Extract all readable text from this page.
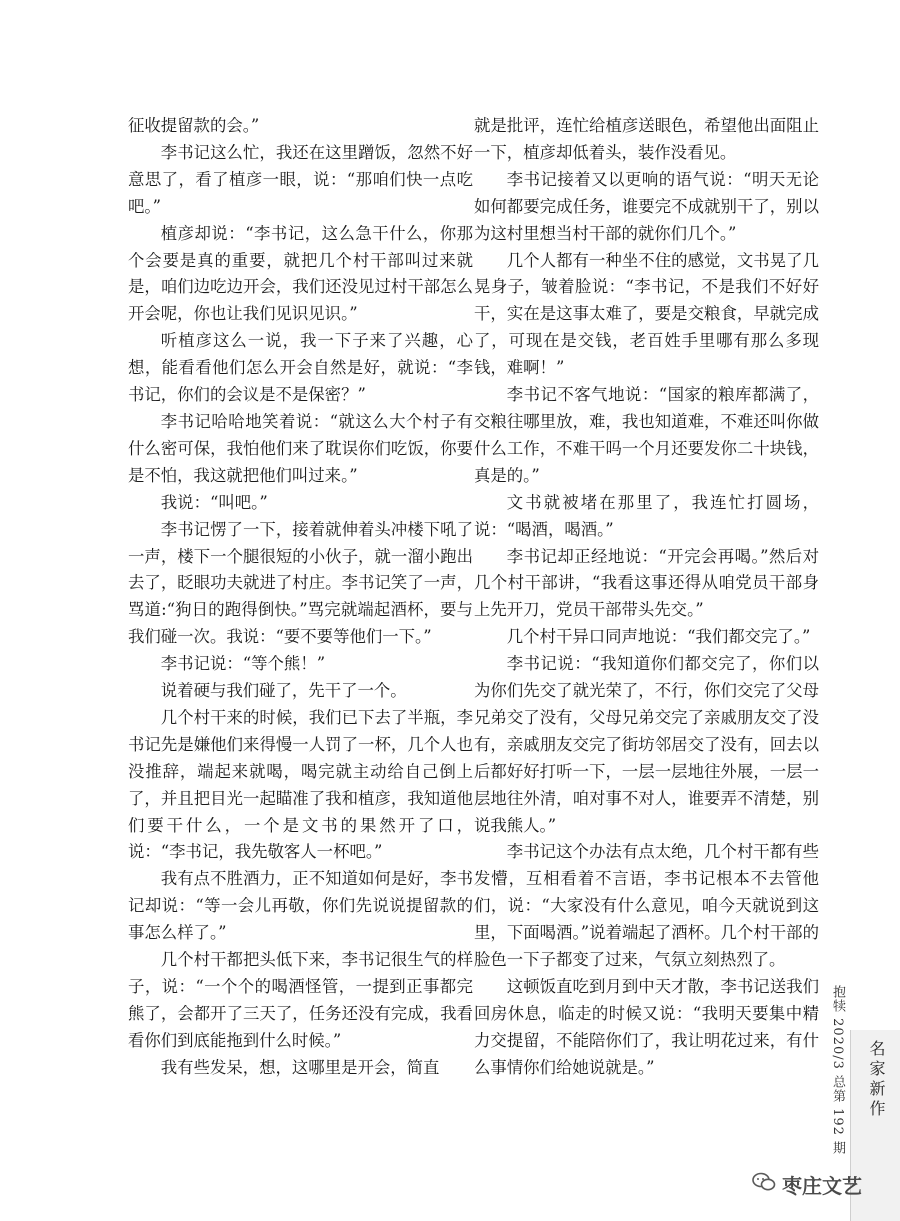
征收提留款的会。”

李书记这么忙，我还在这里蹭饭，忽然不好意思了，看了植彦一眼，说：“那咱们快一点吃吧。”

植彦却说：“李书记，这么急干什么，你那个会要是真的重要，就把几个村干部叫过来就是，咱们边吃边开会，我们还没见过村干部怎么开会呢，你也让我们见识见识。”

听植彦这么一说，我一下子来了兴趣，心想，能看看他们怎么开会自然是好，就说：“李书记，你们的会议是不是保密？”

李书记哈哈地笑着说：“就这么大个村子有什么密可保，我怕他们来了耽误你们吃饭，你要是不怕，我这就把他们叫过来。”

我说：“叫吧。”

李书记愣了一下，接着就伸着头冲楼下吼了一声，楼下一个腿很短的小伙子，就一溜小跑出去了，眨眼功夫就进了村庄。李书记笑了一声，骂道:“狗日的跑得倒快。”骂完就端起酒杯，要与我们碰一次。我说：“要不要等他们一下。”

李书记说：“等个熊！”

说着硬与我们碰了，先干了一个。

几个村干来的时候，我们已下去了半瓶，李书记先是嫌他们来得慢一人罚了一杯，几个人也没推辞，端起来就喝，喝完就主动给自己倒上了，并且把目光一起瞄准了我和植彦，我知道他们要干什么，一个是文书的果然开了口，说：“李书记，我先敬客人一杯吧。”

我有点不胜酒力，正不知道如何是好，李书记却说：“等一会儿再敬，你们先说说提留款的事怎么样了。”

几个村干都把头低下来，李书记很生气的样子，说：“一个个的喝酒怪管，一提到正事都完熊了，会都开了三天了，任务还没有完成，我看看你们到底能拖到什么时候。”

我有些发呆，想，这哪里是开会，简直

就是批评，连忙给植彦送眼色，希望他出面阻止一下，植彦却低着头，装作没看见。

李书记接着又以更响的语气说：“明天无论如何都要完成任务，谁要完不成就别干了，别以为这村里想当村干部的就你们几个。”

几个人都有一种坐不住的感觉，文书晃了几晃身子，皱着脸说：“李书记，不是我们不好好干，实在是这事太难了，要是交粮食，早就完成了，可现在是交钱，老百姓手里哪有那么多现钱，难啊！”

李书记不客气地说：“国家的粮库都满了，交粮往哪里放，难，我也知道难，不难还叫你做什么工作，不难干吗一个月还要发你二十块钱，真是的。”

文书就被堵在那里了，我连忙打圆场，说：“喝酒，喝酒。”

李书记却正经地说：“开完会再喝。”然后对几个村干部讲，“我看这事还得从咱党员干部身上先开刀，党员干部带头先交。”

几个村干异口同声地说：“我们都交完了。”

李书记说：“我知道你们都交完了，你们以为你们先交了就光荣了，不行，你们交完了父母兄弟交了没有，父母兄弟交完了亲戚朋友交了没有，亲戚朋友交完了街坊邻居交了没有，回去以后都好好打听一下，一层一层地往外展，一层一层地往外清，咱对事不对人，谁要弄不清楚，别说我熊人。”

李书记这个办法有点太绝，几个村干都有些发懵，互相看着不言语，李书记根本不去管他们，说：“大家没有什么意见，咱今天就说到这里，下面喝酒。”说着端起了酒杯。几个村干部的脸色一下子都变了过来，气氛立刻热烈了。

这顿饭直吃到月到中天才散，李书记送我们回房休息，临走的时候又说：“我明天要集中精力交提留，不能陪你们了，我让明花过来，有什么事情你们给她说就是。”	抱犊 2020/3 总第 192 期 名家新作
枣庄文艺
